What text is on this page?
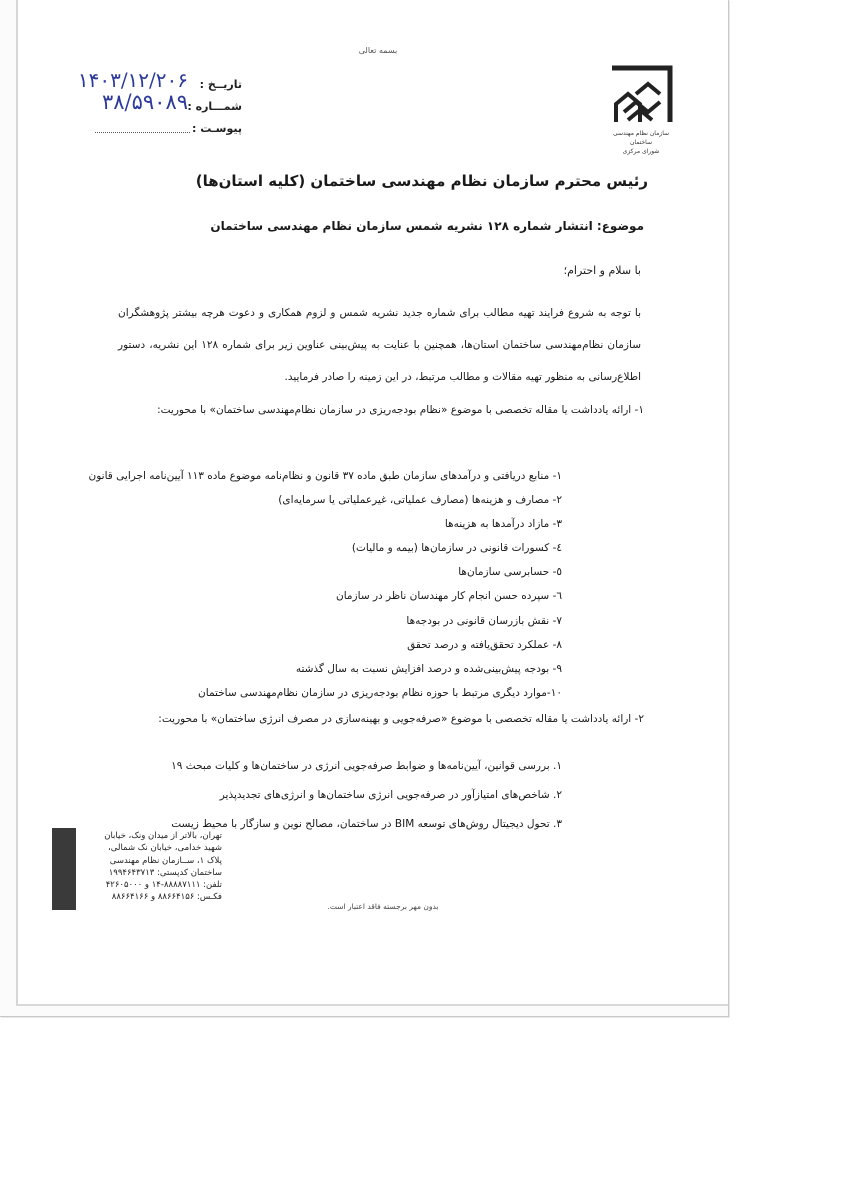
بسمه تعالی
سازمان نظام مهندسی ساختمان
شورای مرکزی
تاریــخ :
۱۴۰۳/۱۲/۲۰۶
شمـــاره :
۳۸/۵۹۰۸۹
پیوسـت :
رئیس محترم سازمان نظام مهندسی ساختمان (کلیه استان‌ها)
موضوع: انتشار شماره ۱۲۸ نشریه شمس سازمان نظام مهندسی ساختمان
با سلام و احترام؛
با توجه به شروع فرایند تهیه مطالب برای شماره جدید نشریه شمس و لزوم همکاری و دعوت هرچه بیشتر پژوهشگران سازمان نظام‌مهندسی ساختمان استان‌ها، همچنین با عنایت به پیش‌بینی عناوین زیر برای شماره ۱۲۸ این نشریه، دستور اطلاع‌رسانی به منظور تهیه مقالات و مطالب مرتبط، در این زمینه را صادر فرمایید.
۱- ارائه یادداشت یا مقاله تخصصی با موضوع «نظام بودجه‌ریزی در سازمان نظام‌مهندسی ساختمان» با محوریت:
۱- منابع دریافتی و درآمدهای سازمان طبق ماده ۳۷ قانون و نظام‌نامه موضوع ماده ۱۱۳ آیین‌نامه اجرایی قانون
۲- مصارف و هزینه‌ها (مصارف عملیاتی، غیرعملیاتی یا سرمایه‌ای)
۳- مازاد درآمدها به هزینه‌ها
٤- کسورات قانونی در سازمان‌ها (بیمه و مالیات)
٥- حسابرسی سازمان‌ها
٦- سپرده حسن انجام کار مهندسان ناظر در سازمان
۷- نقش بازرسان قانونی در بودجه‌ها
۸- عملکرد تحقق‌یافته و درصد تحقق
۹- بودجه پیش‌بینی‌شده و درصد افزایش نسبت به سال گذشته
۱۰-موارد دیگری مرتبط با حوزه نظام بودجه‌ریزی در سازمان نظام‌مهندسی ساختمان
۲- ارائه یادداشت یا مقاله تخصصی با موضوع «صرفه‌جویی و بهینه‌سازی در مصرف انرژی ساختمان» با محوریت:
۱. بررسی قوانین، آیین‌نامه‌ها و ضوابط صرفه‌جویی انرژی در ساختمان‌ها و کلیات مبحث ۱۹
۲. شاخص‌های امتیازآور در صرفه‌جویی انرژی ساختمان‌ها و انرژی‌های تجدیدپذیر
۳. تحول دیجیتال روش‌های توسعه BIM در ساختمان، مصالح نوین و سازگار با محیط زیست
تهران، بالاتر از میدان ونک، خیابان
شهید خدامی، خیابان نک شمالی،
پلاک ۱، ســازمان نظام مهندسی
ساختمان کدپستی: ۱۹۹۴۶۴۳۷۱۳
تلفن: ۸۸۸۸۷۱۱۱-۱۴ و ۴۲۶۰۵۰۰۰
فکـس: ۸۸۶۶۴۱۵۶ و ۸۸۶۶۴۱۶۶
بدون مهر برجسته فاقد اعتبار است.
